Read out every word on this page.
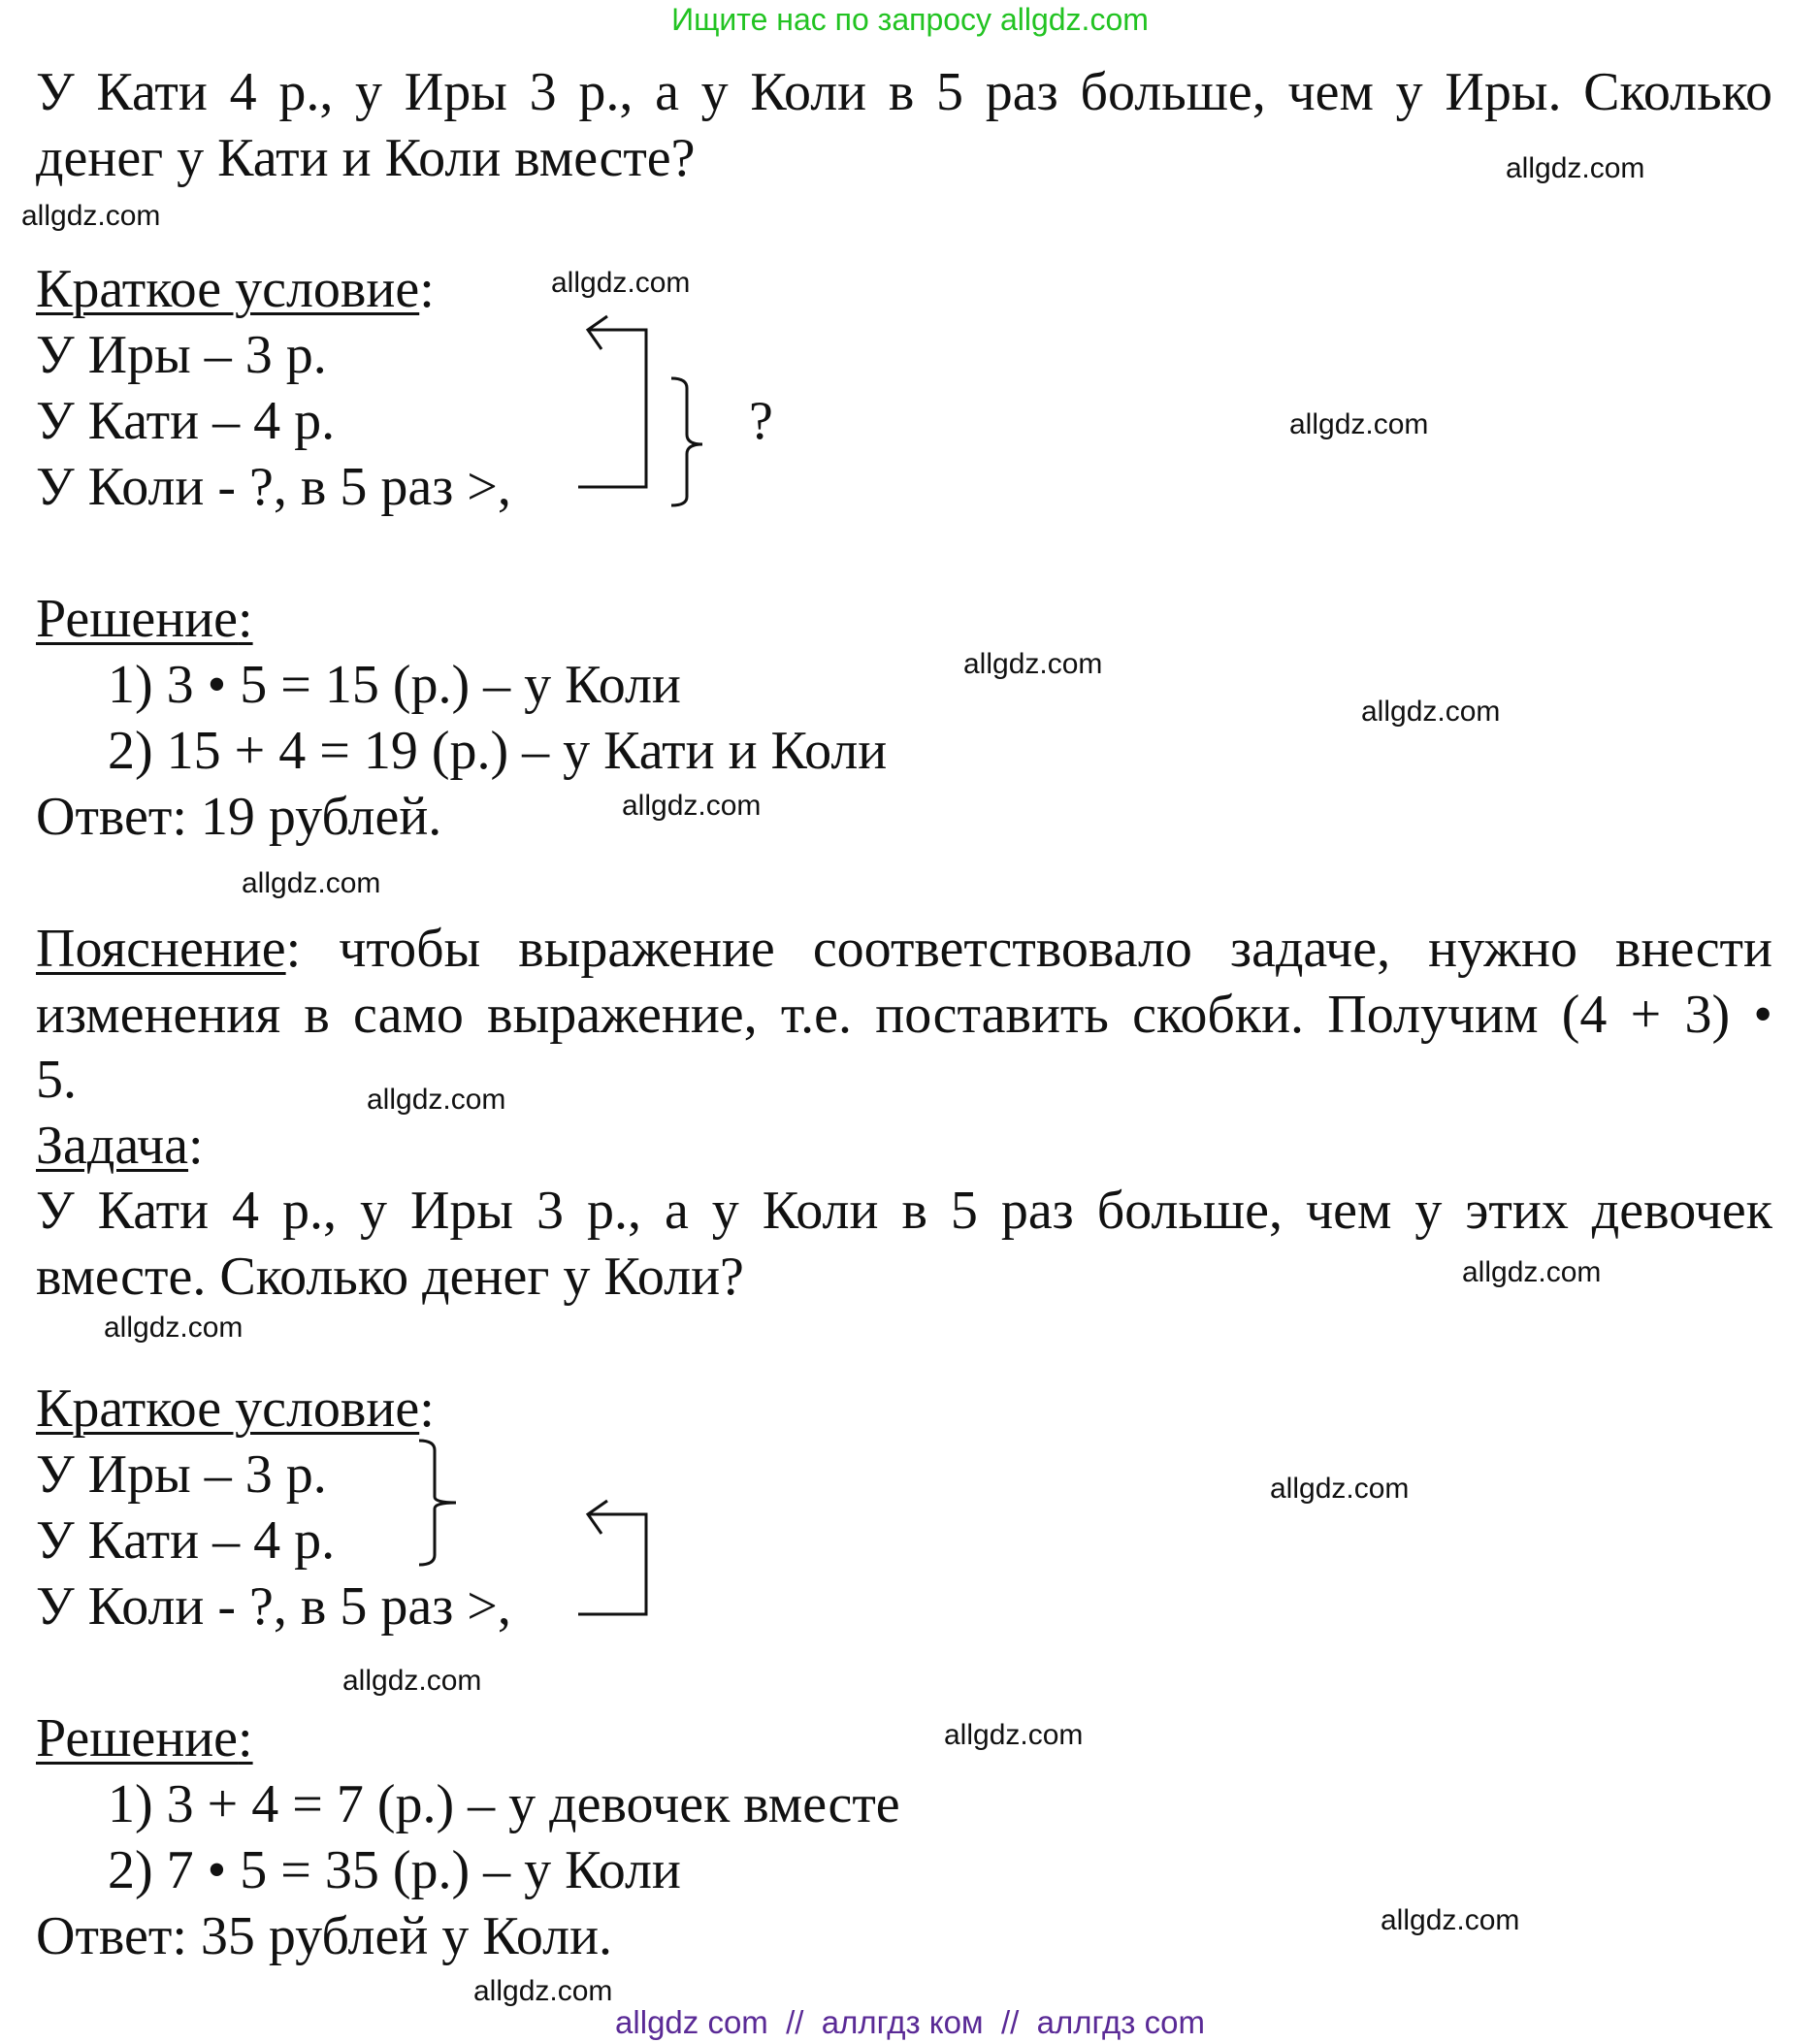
Ищите нас по запросу allgdz.com
У Кати 4 р., у Иры 3 р., а у Коли в 5 раз больше, чем у Иры. Сколько
денег у Кати и Коли вместе?
Краткое условие:
У Иры – 3 р.
У Кати – 4 р.
У Коли - ?, в 5 раз >,
?
Решение:
1) 3 • 5 = 15 (р.) – у Коли
2) 15 + 4 = 19 (р.) – у Кати и Коли
Ответ: 19 рублей.
Пояснение: чтобы выражение соответствовало задаче, нужно внести
изменения в само выражение, т.е. поставить скобки. Получим (4 + 3) •
5.
Задача:
У Кати 4 р., у Иры 3 р., а у Коли в 5 раз больше, чем у этих девочек
вместе. Сколько денег у Коли?
Краткое условие:
У Иры – 3 р.
У Кати – 4 р.
У Коли - ?, в 5 раз >,
Решение:
1) 3 + 4 = 7 (р.) – у девочек вместе
2) 7 • 5 = 35 (р.) – у Коли
Ответ: 35 рублей у Коли.
allgdz.com
allgdz.com
allgdz.com
allgdz.com
allgdz.com
allgdz.com
allgdz.com
allgdz.com
allgdz.com
allgdz.com
allgdz.com
allgdz.com
allgdz.com
allgdz.com
allgdz.com
allgdz.com
allgdz com  //  аллгдз ком  //  аллгдз com
